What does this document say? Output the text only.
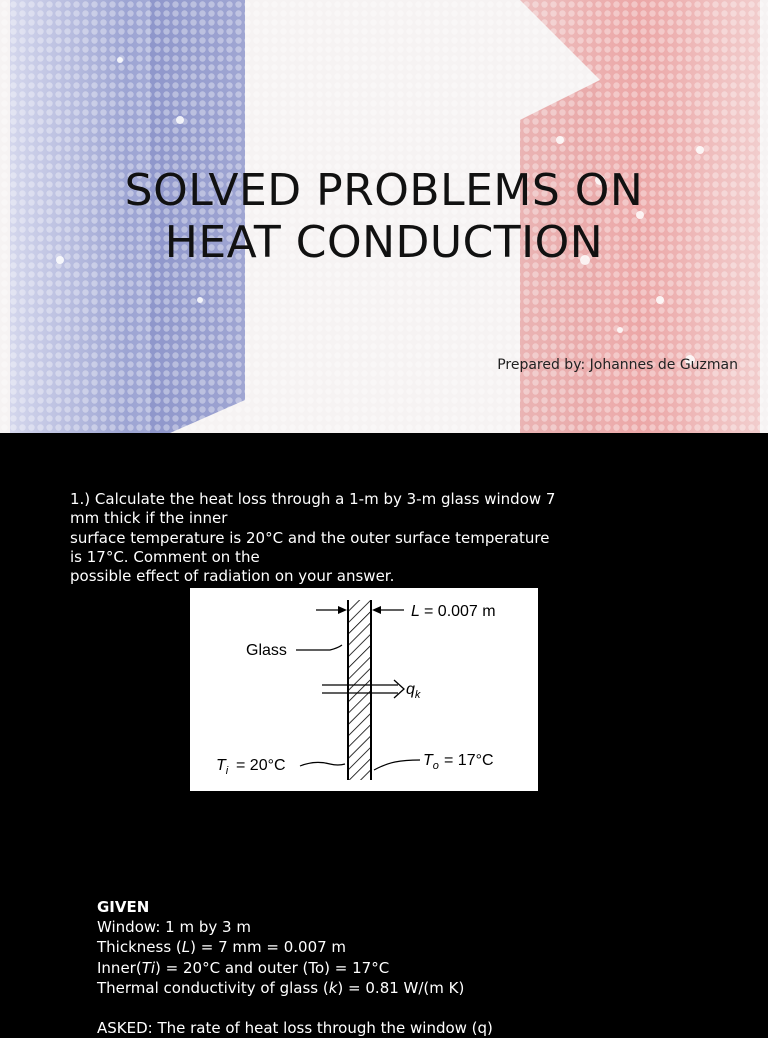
SOLVED PROBLEMS ON
HEAT CONDUCTION
Prepared by: Johannes de Guzman
1.) Calculate the heat loss through a 1-m by 3-m glass window 7
mm thick if the inner
surface temperature is 20°C and the outer surface temperature
is 17°C. Comment on the
possible effect of radiation on your answer.
L = 0.007 m
Glass
$q_k$
$T_i = 20^\circ C$	$T_o = 17^\circ C$
GIVEN
Window: 1 m by 3 m
Thickness (L) = 7 mm = 0.007 m
Inner(Ti) = 20°C and outer (To) = 17°C
Thermal conductivity of glass (k) = 0.81 W/(m K)

ASKED: The rate of heat loss through the window (q)
